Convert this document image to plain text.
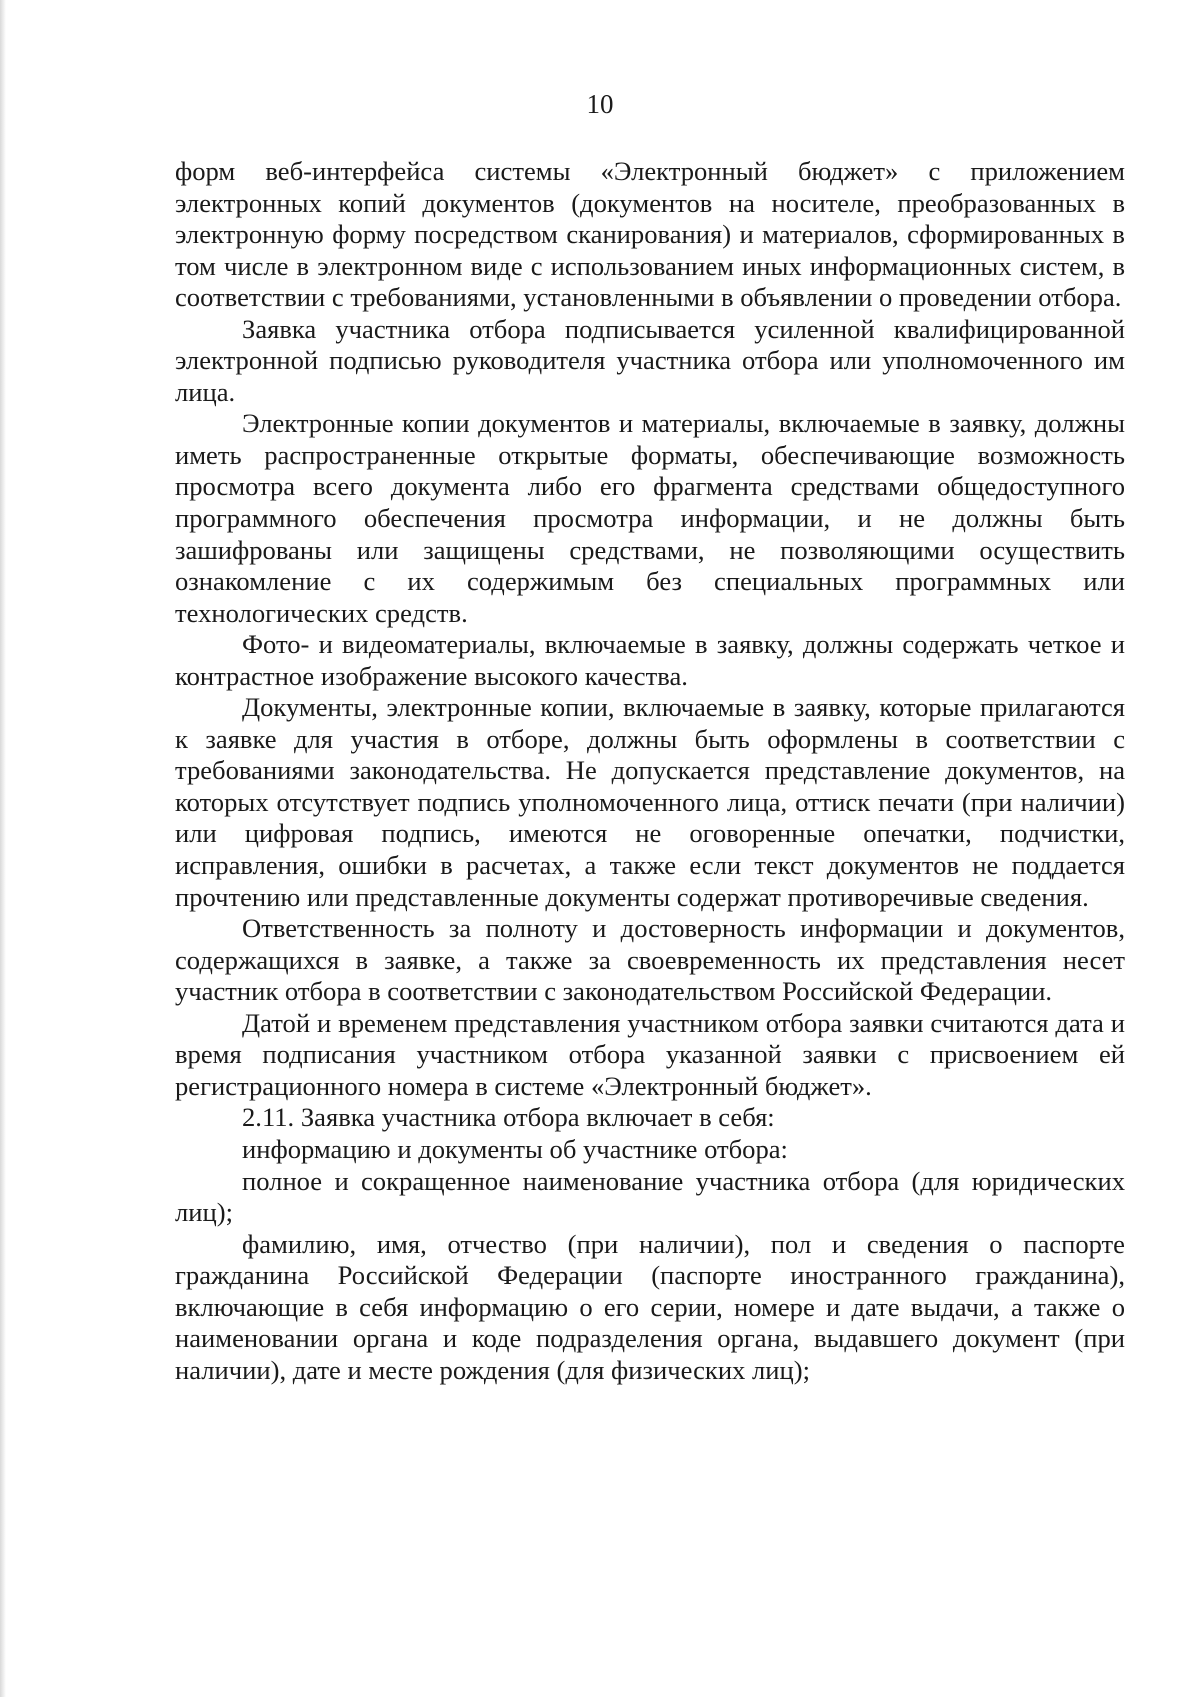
10

форм веб-интерфейса системы «Электронный бюджет» с приложением электронных копий документов (документов на носителе, преобразованных в электронную форму посредством сканирования) и материалов, сформированных в том числе в электронном виде с использованием иных информационных систем, в соответствии с требованиями, установленными в объявлении о проведении отбора.

Заявка участника отбора подписывается усиленной квалифицированной электронной подписью руководителя участника отбора или уполномоченного им лица.

Электронные копии документов и материалы, включаемые в заявку, должны иметь распространенные открытые форматы, обеспечивающие возможность просмотра всего документа либо его фрагмента средствами общедоступного программного обеспечения просмотра информации, и не должны быть зашифрованы или защищены средствами, не позволяющими осуществить ознакомление с их содержимым без специальных программных или технологических средств.

Фото- и видеоматериалы, включаемые в заявку, должны содержать четкое и контрастное изображение высокого качества.

Документы, электронные копии, включаемые в заявку, которые прилагаются к заявке для участия в отборе, должны быть оформлены в соответствии с требованиями законодательства. Не допускается представление документов, на которых отсутствует подпись уполномоченного лица, оттиск печати (при наличии) или цифровая подпись, имеются не оговоренные опечатки, подчистки, исправления, ошибки в расчетах, а также если текст документов не поддается прочтению или представленные документы содержат противоречивые сведения.

Ответственность за полноту и достоверность информации и документов, содержащихся в заявке, а также за своевременность их представления несет участник отбора в соответствии с законодательством Российской Федерации.

Датой и временем представления участником отбора заявки считаются дата и время подписания участником отбора указанной заявки с присвоением ей регистрационного номера в системе «Электронный бюджет».

2.11. Заявка участника отбора включает в себя:

информацию и документы об участнике отбора:

полное и сокращенное наименование участника отбора (для юридических лиц);

фамилию, имя, отчество (при наличии), пол и сведения о паспорте гражданина Российской Федерации (паспорте иностранного гражданина), включающие в себя информацию о его серии, номере и дате выдачи, а также о наименовании органа и коде подразделения органа, выдавшего документ (при наличии), дате и месте рождения (для физических лиц);
